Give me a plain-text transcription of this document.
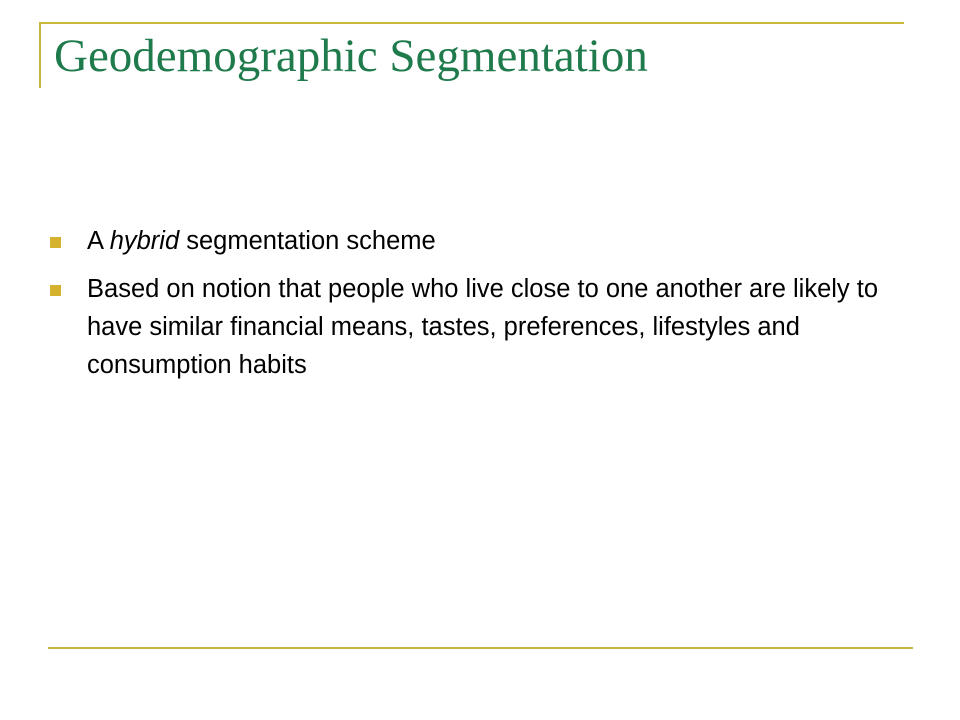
Geodemographic Segmentation
A hybrid segmentation scheme
Based on notion that people who live close to one another are likely to have similar financial means, tastes, preferences, lifestyles and consumption habits
